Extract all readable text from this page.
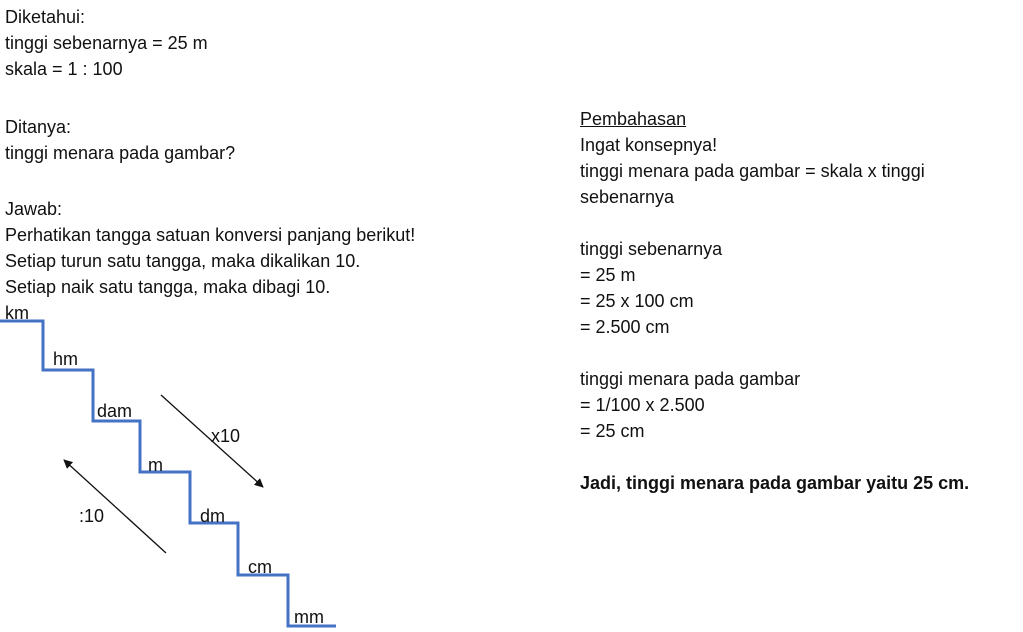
Diketahui:
tinggi sebenarnya = 25 m
skala = 1 : 100
Ditanya:
tinggi menara pada gambar?
Jawab:
Perhatikan tangga satuan konversi panjang berikut!
Setiap turun satu tangga, maka dikalikan 10.
Setiap naik satu tangga, maka dibagi 10.
km
hm
dam
m
dm
cm
mm
x10
:10
Pembahasan
Ingat konsepnya!
tinggi menara pada gambar = skala x tinggi
sebenarnya
tinggi sebenarnya
= 25 m
= 25 x 100 cm
= 2.500 cm
tinggi menara pada gambar
= 1/100 x 2.500
= 25 cm
Jadi, tinggi menara pada gambar yaitu 25 cm.
